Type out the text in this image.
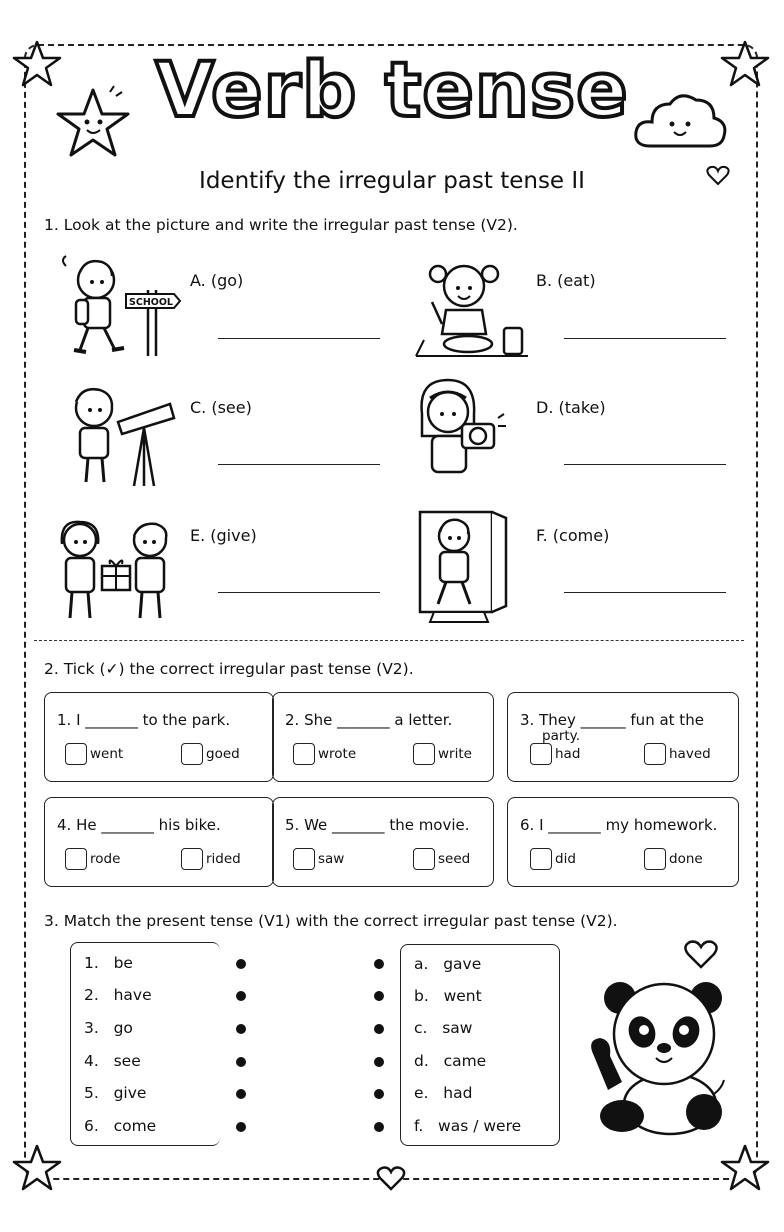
Verb tense
Identify the irregular past tense II
1. Look at the picture and write the irregular past tense (V2).
SCHOOL
A. (go)	B. (eat)
C. (see)	D. (take)
E. (give)	F. (come)
2. Tick (✓) the correct irregular past tense (V2).
1. I _______ to the park.
went	goed
2. She _______ a letter.
wrote	write
3. They ______ fun at the
party.
had	haved
4. He _______ his bike.
rode	rided
5. We _______ the movie.
saw	seed
6. I _______ my homework.
did	done
3. Match the present tense (V1) with the correct irregular past tense (V2).
1. be
2. have
3. go
4. see
5. give
6. come
a. gave
b. went
c. saw
d. came
e. had
f. was / were
